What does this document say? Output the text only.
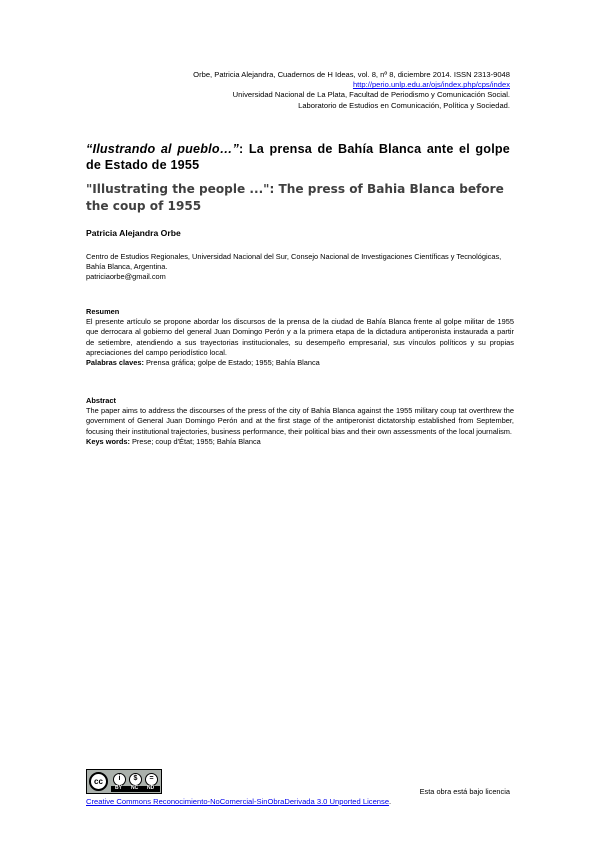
Orbe, Patricia Alejandra, Cuadernos de H Ideas, vol. 8, nº 8, diciembre 2014. ISSN 2313-9048
http://perio.unlp.edu.ar/ojs/index.php/cps/index
Universidad Nacional de La Plata, Facultad de Periodismo y Comunicación Social.
Laboratorio de Estudios en Comunicación, Política y Sociedad.
“Ilustrando al pueblo…”: La prensa de Bahía Blanca ante el golpe de Estado de 1955
"Illustrating the people ...": The press of Bahia Blanca before the coup of 1955
Patricia Alejandra Orbe
Centro de Estudios Regionales, Universidad Nacional del Sur, Consejo Nacional de Investigaciones Científicas y Tecnológicas, Bahía Blanca, Argentina.
patriciaorbe@gmail.com
Resumen

El presente artículo se propone abordar los discursos de la prensa de la ciudad de Bahía Blanca frente al golpe militar de 1955 que derrocara al gobierno del general Juan Domingo Perón y a la primera etapa de la dictadura antiperonista instaurada a partir de setiembre, atendiendo a sus trayectorias institucionales, su desempeño empresarial, sus vínculos políticos y su propias apreciaciones del campo periodístico local.

Palabras claves: Prensa gráfica; golpe de Estado; 1955; Bahía Blanca

Abstract

The paper aims to address the discourses of the press of the city of Bahía Blanca against the 1955 military coup tat overthrew the government of General Juan Domingo Perón and at the first stage of the antiperonist dictatorship established from September, focusing their institutional trajectories, business performance, their political bias and their own assessments of the local journalism.

Keys words: Prese; coup d'État; 1955; Bahía Blanca

cc	i	$	=
BY NC ND	Esta obra está bajo licencia
Creative Commons Reconocimiento-NoComercial-SinObraDerivada 3.0 Unported License.
